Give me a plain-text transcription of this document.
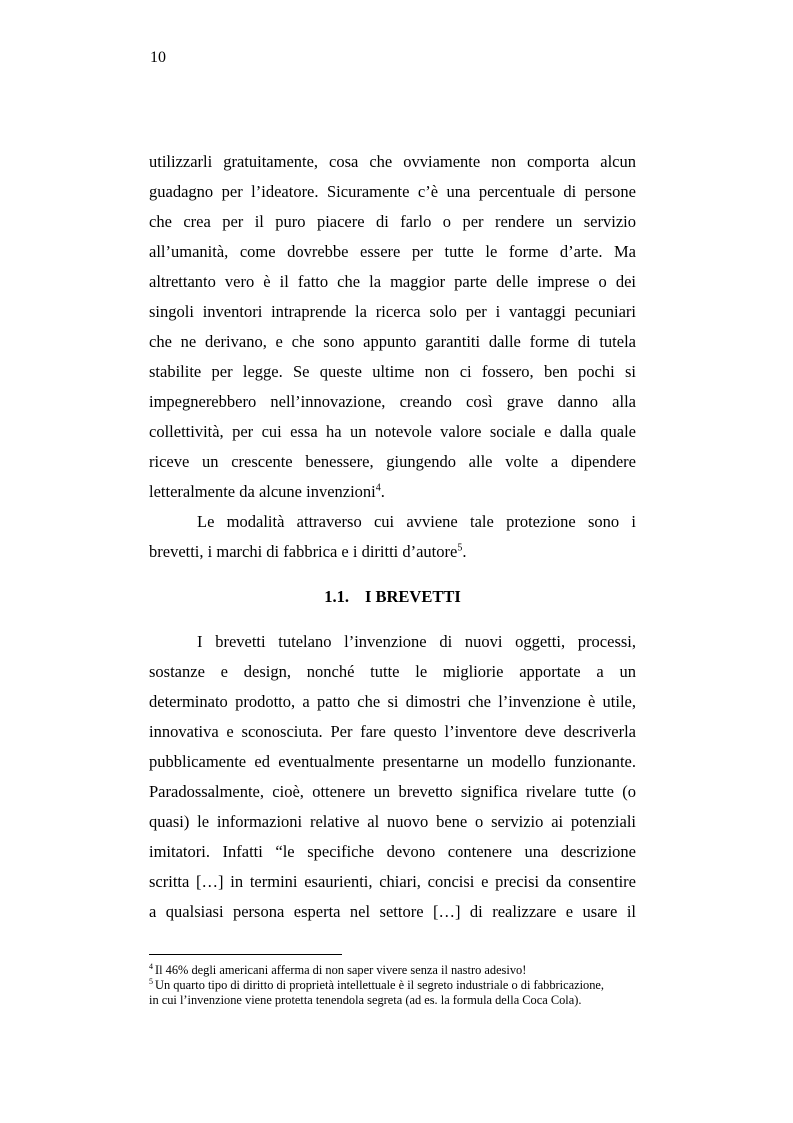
10
utilizzarli gratuitamente, cosa che ovviamente non comporta alcun
guadagno per l’ideatore. Sicuramente c’è una percentuale di persone
che crea per il puro piacere di farlo o per rendere un servizio
all’umanità, come dovrebbe essere per tutte le forme d’arte. Ma
altrettanto vero è il fatto che la maggior parte delle imprese o dei
singoli inventori intraprende la ricerca solo per i vantaggi pecuniari
che ne derivano, e che sono appunto garantiti dalle forme di tutela
stabilite per legge. Se queste ultime non ci fossero, ben pochi si
impegnerebbero nell’innovazione, creando così grave danno alla
collettività, per cui essa ha un notevole valore sociale e dalla quale
riceve un crescente benessere, giungendo alle volte a dipendere
letteralmente da alcune invenzioni$^4$.
Le modalità attraverso cui avviene tale protezione sono i
brevetti, i marchi di fabbrica e i diritti d’autore$^5$.
1.1. I BREVETTI
I brevetti tutelano l’invenzione di nuovi oggetti, processi,
sostanze e design, nonché tutte le migliorie apportate a un
determinato prodotto, a patto che si dimostri che l’invenzione è utile,
innovativa e sconosciuta. Per fare questo l’inventore deve descriverla
pubblicamente ed eventualmente presentarne un modello funzionante.
Paradossalmente, cioè, ottenere un brevetto significa rivelare tutte (o
quasi) le informazioni relative al nuovo bene o servizio ai potenziali
imitatori. Infatti “le specifiche devono contenere una descrizione
scritta […] in termini esaurienti, chiari, concisi e precisi da consentire
a qualsiasi persona esperta nel settore […] di realizzare e usare il
$^4$ Il 46% degli americani afferma di non saper vivere senza il nastro adesivo!
$^5$ Un quarto tipo di diritto di proprietà intellettuale è il segreto industriale o di fabbricazione,
in cui l’invenzione viene protetta tenendola segreta (ad es. la formula della Coca Cola).
